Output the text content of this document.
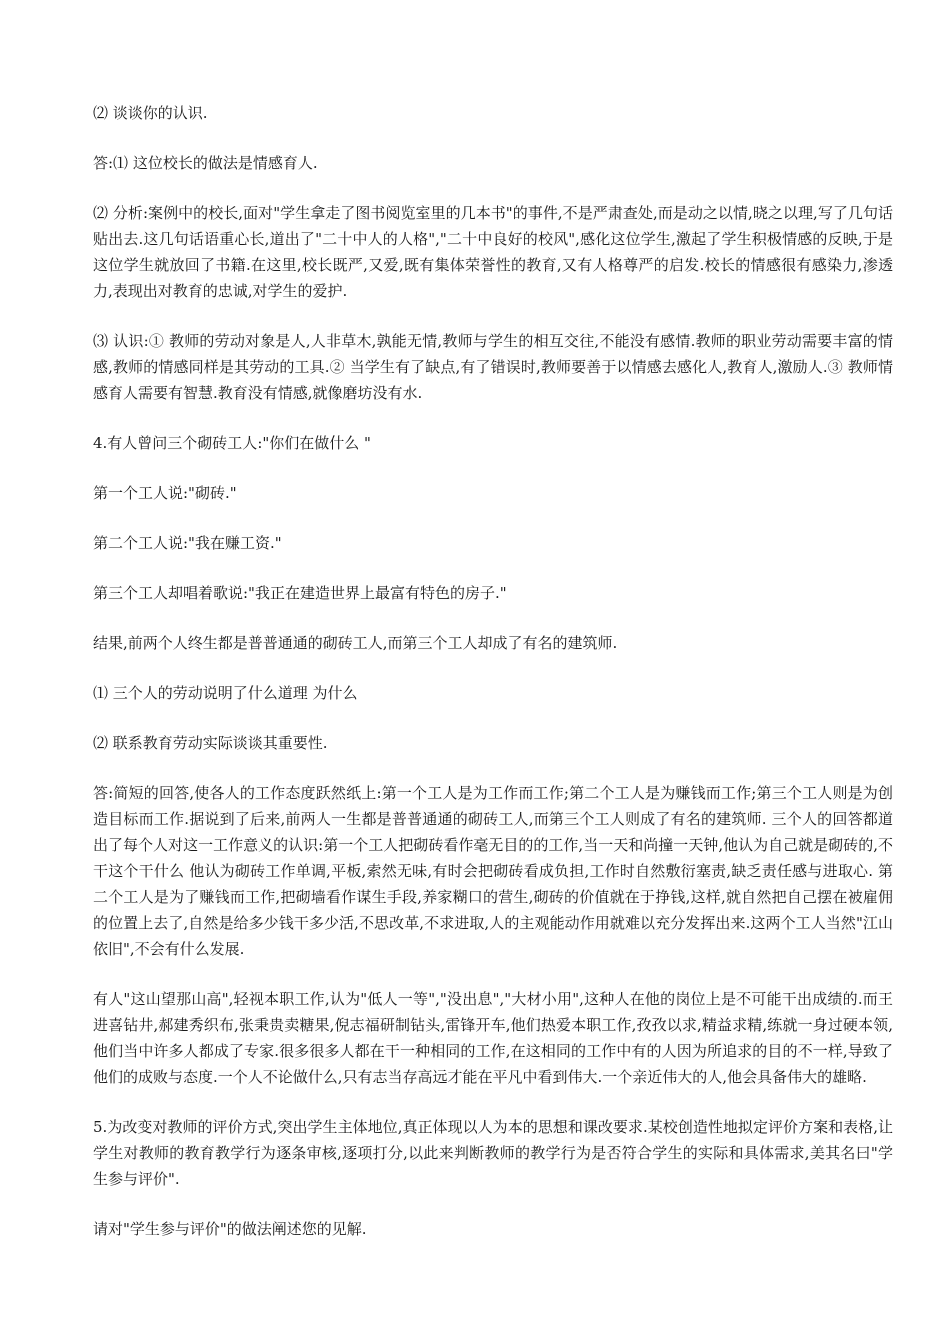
⑵ 谈谈你的认识.

答:⑴ 这位校长的做法是情感育人.

⑵ 分析:案例中的校长,面对"学生拿走了图书阅览室里的几本书"的事件,不是严肃查处,而是动之以情,晓之以理,写了几句话贴出去.这几句话语重心长,道出了"二十中人的人格","二十中良好的校风",感化这位学生,激起了学生积极情感的反映,于是这位学生就放回了书籍.在这里,校长既严,又爱,既有集体荣誉性的教育,又有人格尊严的启发.校长的情感很有感染力,渗透力,表现出对教育的忠诚,对学生的爱护.

⑶ 认识:① 教师的劳动对象是人,人非草木,孰能无情,教师与学生的相互交往,不能没有感情.教师的职业劳动需要丰富的情感,教师的情感同样是其劳动的工具.② 当学生有了缺点,有了错误时,教师要善于以情感去感化人,教育人,激励人.③ 教师情感育人需要有智慧.教育没有情感,就像磨坊没有水.

4.有人曾问三个砌砖工人:"你们在做什么 "

第一个工人说:"砌砖."

第二个工人说:"我在赚工资."

第三个工人却唱着歌说:"我正在建造世界上最富有特色的房子."

结果,前两个人终生都是普普通通的砌砖工人,而第三个工人却成了有名的建筑师.

⑴ 三个人的劳动说明了什么道理 为什么

⑵ 联系教育劳动实际谈谈其重要性.

答:简短的回答,使各人的工作态度跃然纸上:第一个工人是为工作而工作;第二个工人是为赚钱而工作;第三个工人则是为创造目标而工作.据说到了后来,前两人一生都是普普通通的砌砖工人,而第三个工人则成了有名的建筑师. 三个人的回答都道出了每个人对这一工作意义的认识:第一个工人把砌砖看作毫无目的的工作,当一天和尚撞一天钟,他认为自己就是砌砖的,不干这个干什么 他认为砌砖工作单调,平板,索然无味,有时会把砌砖看成负担,工作时自然敷衍塞责,缺乏责任感与进取心. 第二个工人是为了赚钱而工作,把砌墙看作谋生手段,养家糊口的营生,砌砖的价值就在于挣钱,这样,就自然把自己摆在被雇佣的位置上去了,自然是给多少钱干多少活,不思改革,不求进取,人的主观能动作用就难以充分发挥出来.这两个工人当然"江山依旧",不会有什么发展.

有人"这山望那山高",轻视本职工作,认为"低人一等","没出息","大材小用",这种人在他的岗位上是不可能干出成绩的.而王进喜钻井,郝建秀织布,张秉贵卖糖果,倪志福研制钻头,雷锋开车,他们热爱本职工作,孜孜以求,精益求精,练就一身过硬本领,他们当中许多人都成了专家.很多很多人都在干一种相同的工作,在这相同的工作中有的人因为所追求的目的不一样,导致了他们的成败与态度.一个人不论做什么,只有志当存高远才能在平凡中看到伟大.一个亲近伟大的人,他会具备伟大的雄略.

5.为改变对教师的评价方式,突出学生主体地位,真正体现以人为本的思想和课改要求.某校创造性地拟定评价方案和表格,让学生对教师的教育教学行为逐条审核,逐项打分,以此来判断教师的教学行为是否符合学生的实际和具体需求,美其名曰"学生参与评价".

请对"学生参与评价"的做法阐述您的见解.
